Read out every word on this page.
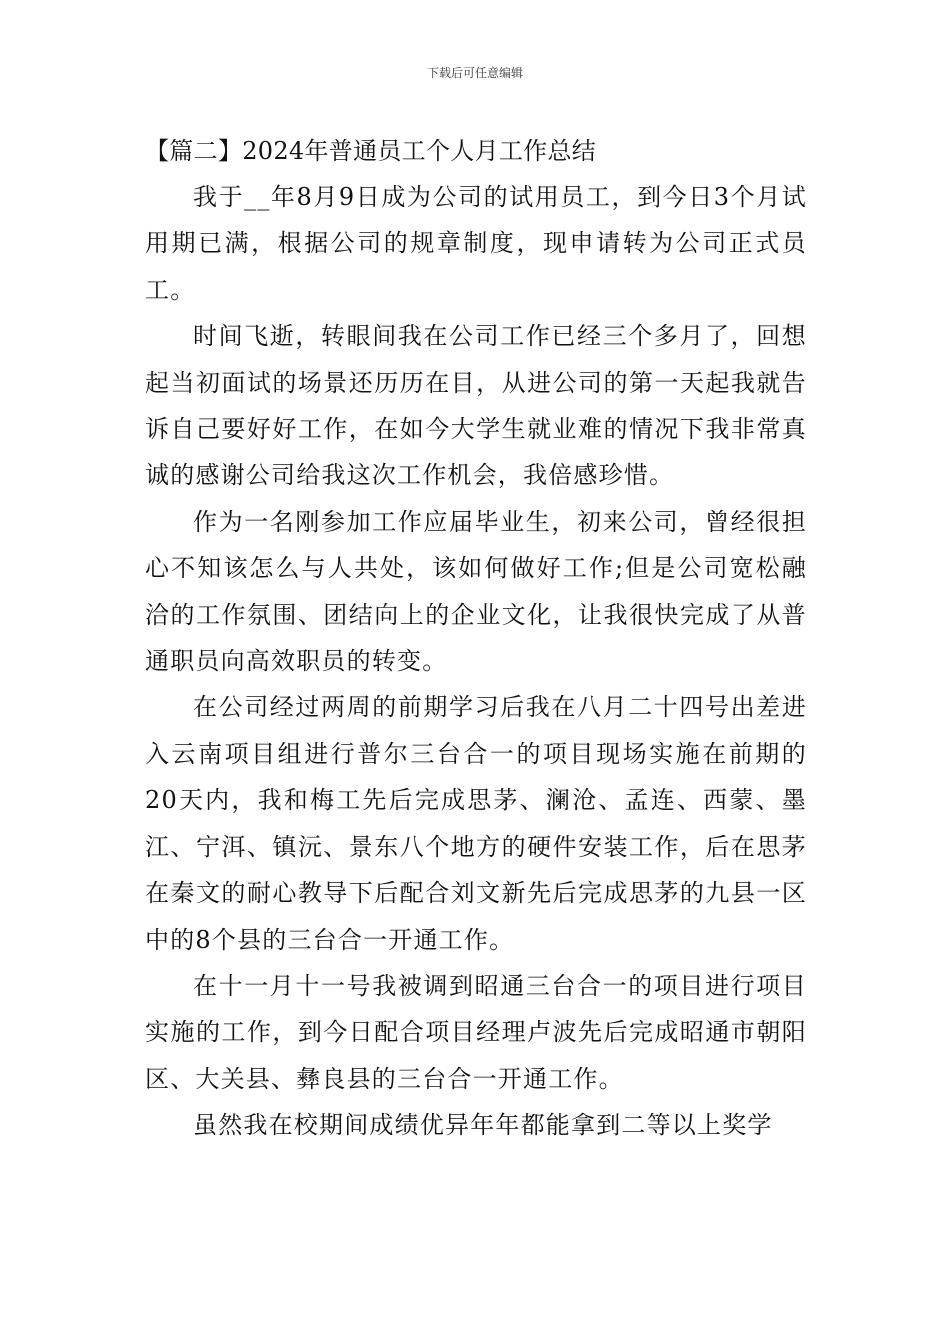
下载后可任意编辑
【篇二】2024年普通员工个人月工作总结

我于__年8月9日成为公司的试用员工，到今日3个月试用期已满，根据公司的规章制度，现申请转为公司正式员工。

时间飞逝，转眼间我在公司工作已经三个多月了，回想起当初面试的场景还历历在目，从进公司的第一天起我就告诉自己要好好工作，在如今大学生就业难的情况下我非常真诚的感谢公司给我这次工作机会，我倍感珍惜。

作为一名刚参加工作应届毕业生，初来公司，曾经很担心不知该怎么与人共处，该如何做好工作;但是公司宽松融洽的工作氛围、团结向上的企业文化，让我很快完成了从普通职员向高效职员的转变。

在公司经过两周的前期学习后我在八月二十四号出差进入云南项目组进行普尔三台合一的项目现场实施在前期的20天内，我和梅工先后完成思茅、澜沧、孟连、西蒙、墨江、宁洱、镇沅、景东八个地方的硬件安装工作，后在思茅在秦文的耐心教导下后配合刘文新先后完成思茅的九县一区中的8个县的三台合一开通工作。

在十一月十一号我被调到昭通三台合一的项目进行项目实施的工作，到今日配合项目经理卢波先后完成昭通市朝阳区、大关县、彝良县的三台合一开通工作。

虽然我在校期间成绩优异年年都能拿到二等以上奖学
